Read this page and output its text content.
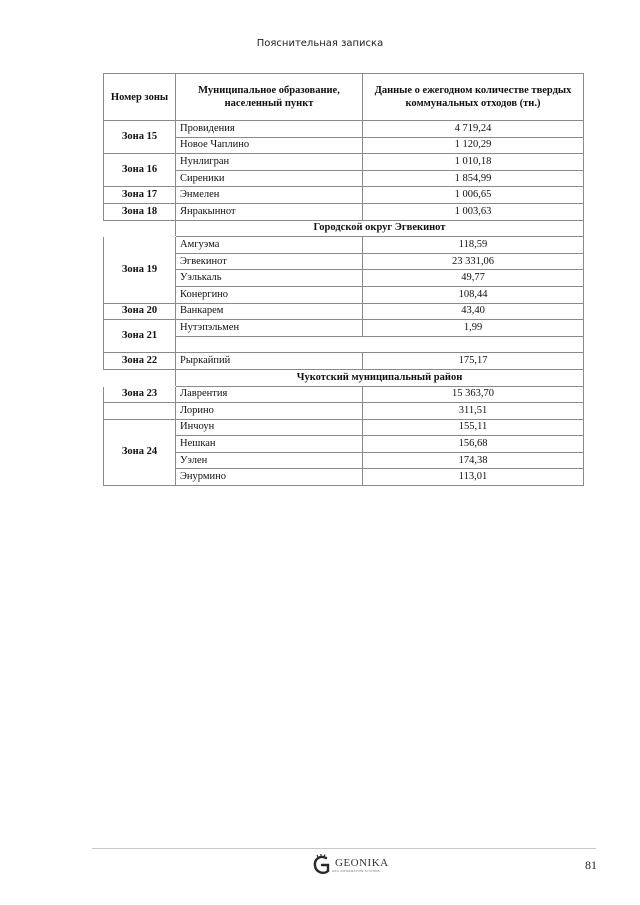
Пояснительная записка
Номер зоны	Муниципальное образование, населенный пункт	Данные о ежегодном количестве твердых коммунальных отходов (тн.)
Зона 15	Провидения	4 719,24
	Новое Чаплино	1 120,29
Зона 16	Нунлигран	1 010,18
	Сиреники	1 854,99
Зона 17	Энмелен	1 006,65
Зона 18	Янракыннот	1 003,63
	Городской округ Эгвекинот	
Зона 19	Амгуэма	118,59
	Эгвекинот	23 331,06
	Уэлькаль	49,77
	Конергино	108,44
Зона 20	Ванкарем	43,40
Зона 21	Нутэпэльмен	1,99

Зона 22	Рыркайпий	175,17
	Чукотский муниципальный район	
Зона 23	Лаврентия	15 363,70
	Лорино	311,51
Зона 24	Инчоун	155,11
	Нешкан	156,68
	Уэлен	174,38
	Энурмино	113,01
GEONIKA
GEO INFORMATION SYSTEMS	81
